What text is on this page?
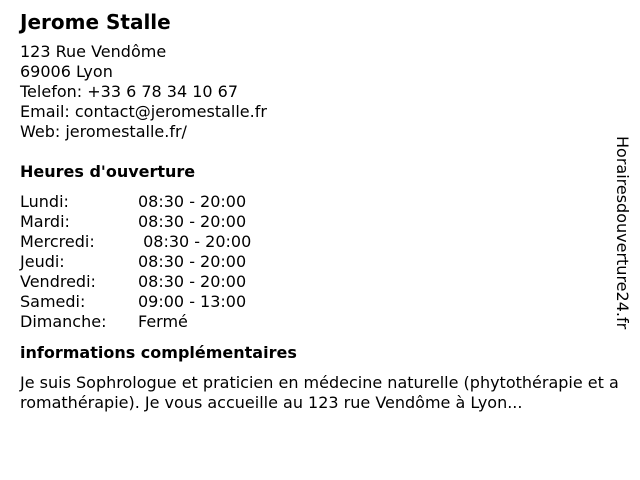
Jerome Stalle
123 Rue Vendôme
69006 Lyon
Telefon: +33 6 78 34 10 67
Email: contact@jeromestalle.fr
Web: jeromestalle.fr/
Heures d'ouverture
Lundi:	08:30 - 20:00
Mardi:	08:30 - 20:00
Mercredi:	08:30 - 20:00
Jeudi:	08:30 - 20:00
Vendredi:	08:30 - 20:00
Samedi:	09:00 - 13:00
Dimanche:	Fermé
informations complémentaires

Je suis Sophrologue et praticien en médecine naturelle (phytothérapie et aromathérapie). Je vous accueille au 123 rue Vendôme à Lyon...

Horairesdouverture24.fr
